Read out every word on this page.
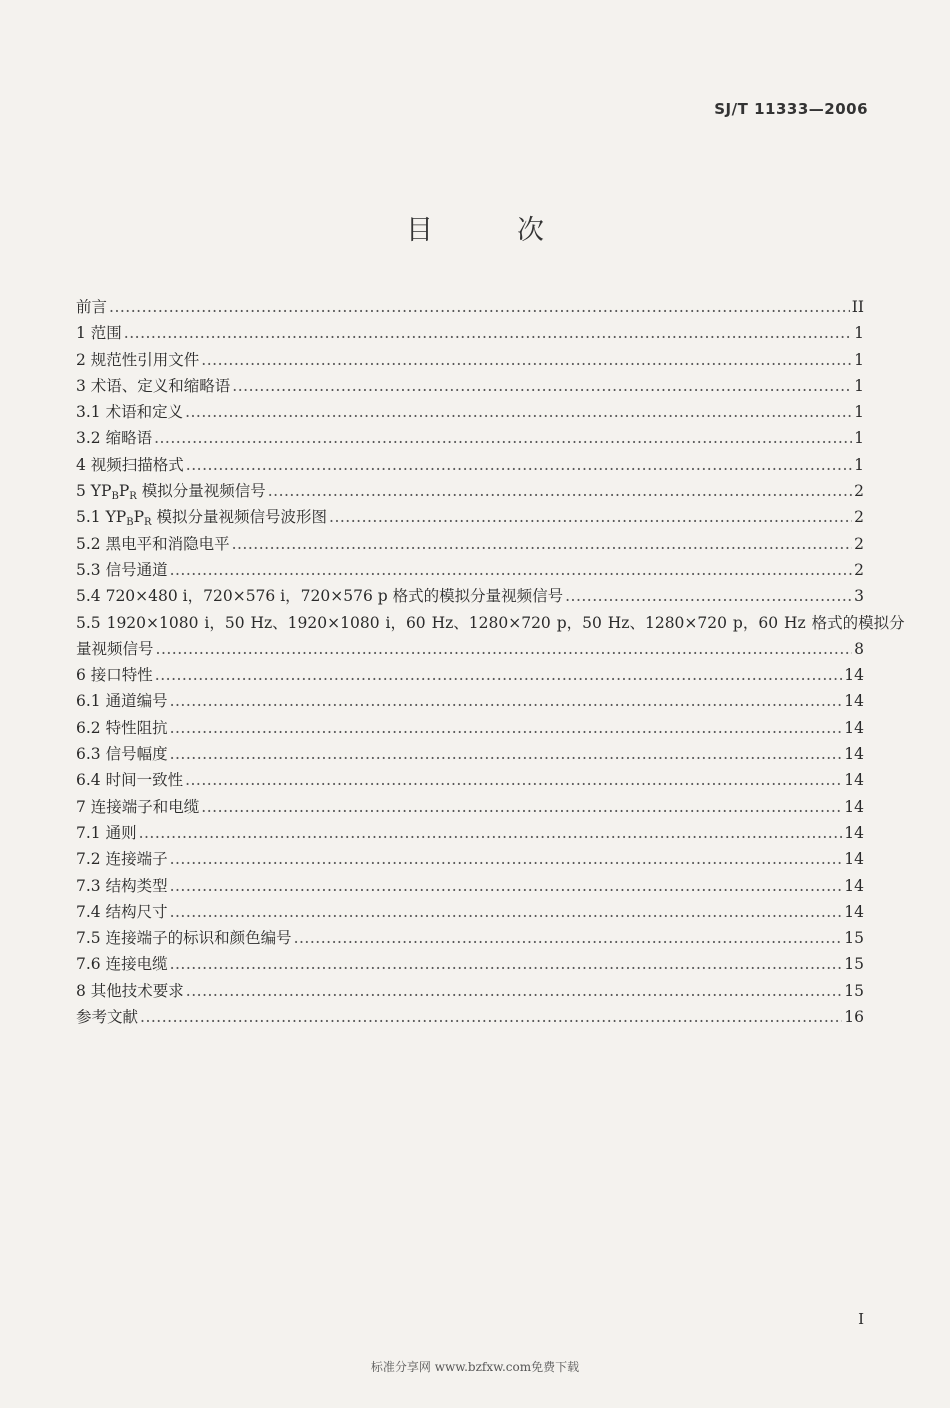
SJ/T 11333—2006
目次
前言 .....	II
1 范围 .....	1
2 规范性引用文件 .....	1
3 术语、定义和缩略语 .....	1
3.1 术语和定义 .....	1
3.2 缩略语 .....	1
4 视频扫描格式 .....	1
5 $YP_BP_R$ 模拟分量视频信号 .....	2
5.1 $YP_BP_R$ 模拟分量视频信号波形图 .....	2
5.2 黑电平和消隐电平 .....	2
5.3 信号通道 .....	2
5.4 720×480 i，720×576 i，720×576 p 格式的模拟分量视频信号 .....	3
5.5 1920×1080 i，50 Hz、1920×1080 i，60 Hz、1280×720 p，50 Hz、1280×720 p，60 Hz 格式的模拟分
量视频信号 .....	8
6 接口特性 .....	14
6.1 通道编号 .....	14
6.2 特性阻抗 .....	14
6.3 信号幅度 .....	14
6.4 时间一致性 .....	14
7 连接端子和电缆 .....	14
7.1 通则 .....	14
7.2 连接端子 .....	14
7.3 结构类型 .....	14
7.4 结构尺寸 .....	14
7.5 连接端子的标识和颜色编号 .....	15
7.6 连接电缆 .....	15
8 其他技术要求 .....	15
参考文献 .....	16
I
标准分享网 www.bzfxw.com免费下载
